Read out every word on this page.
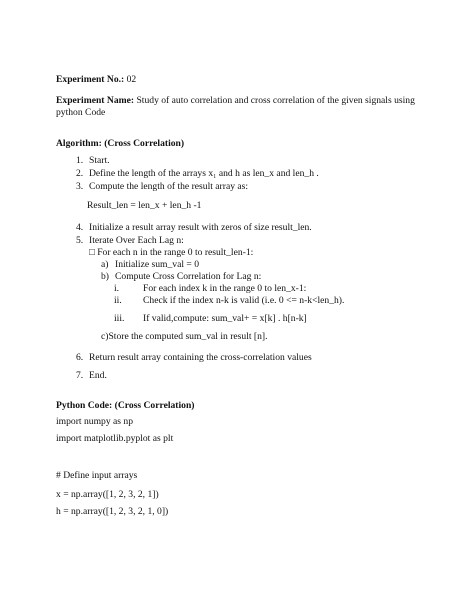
Experiment No.: 02
Experiment Name: Study of auto correlation and cross correlation of the given signals using python Code
Algorithm: (Cross Correlation)
1. Start.
2. Define the length of the arrays x₁ and h as len_x and len_h .
3. Compute the length of the result array as:
Result_len = len_x + len_h -1
4. Initialize a result array result with zeros of size result_len.
5. Iterate Over Each Lag n:
□ For each n in the range 0 to result_len-1:
a) Initialize sum_val = 0
b) Compute Cross Correlation for Lag n:
i. For each index k in the range 0 to len_x-1:
ii. Check if the index n-k is valid (i.e. 0 <= n-k<len_h).
iii. If valid,compute: sum_val+ = x[k] . h[n-k]
c)Store the computed sum_val in result [n].
6. Return result array containing the cross-correlation values
7. End.
Python Code: (Cross Correlation)
import numpy as np
import matplotlib.pyplot as plt
# Define input arrays
x = np.array([1, 2, 3, 2, 1])
h = np.array([1, 2, 3, 2, 1, 0])
